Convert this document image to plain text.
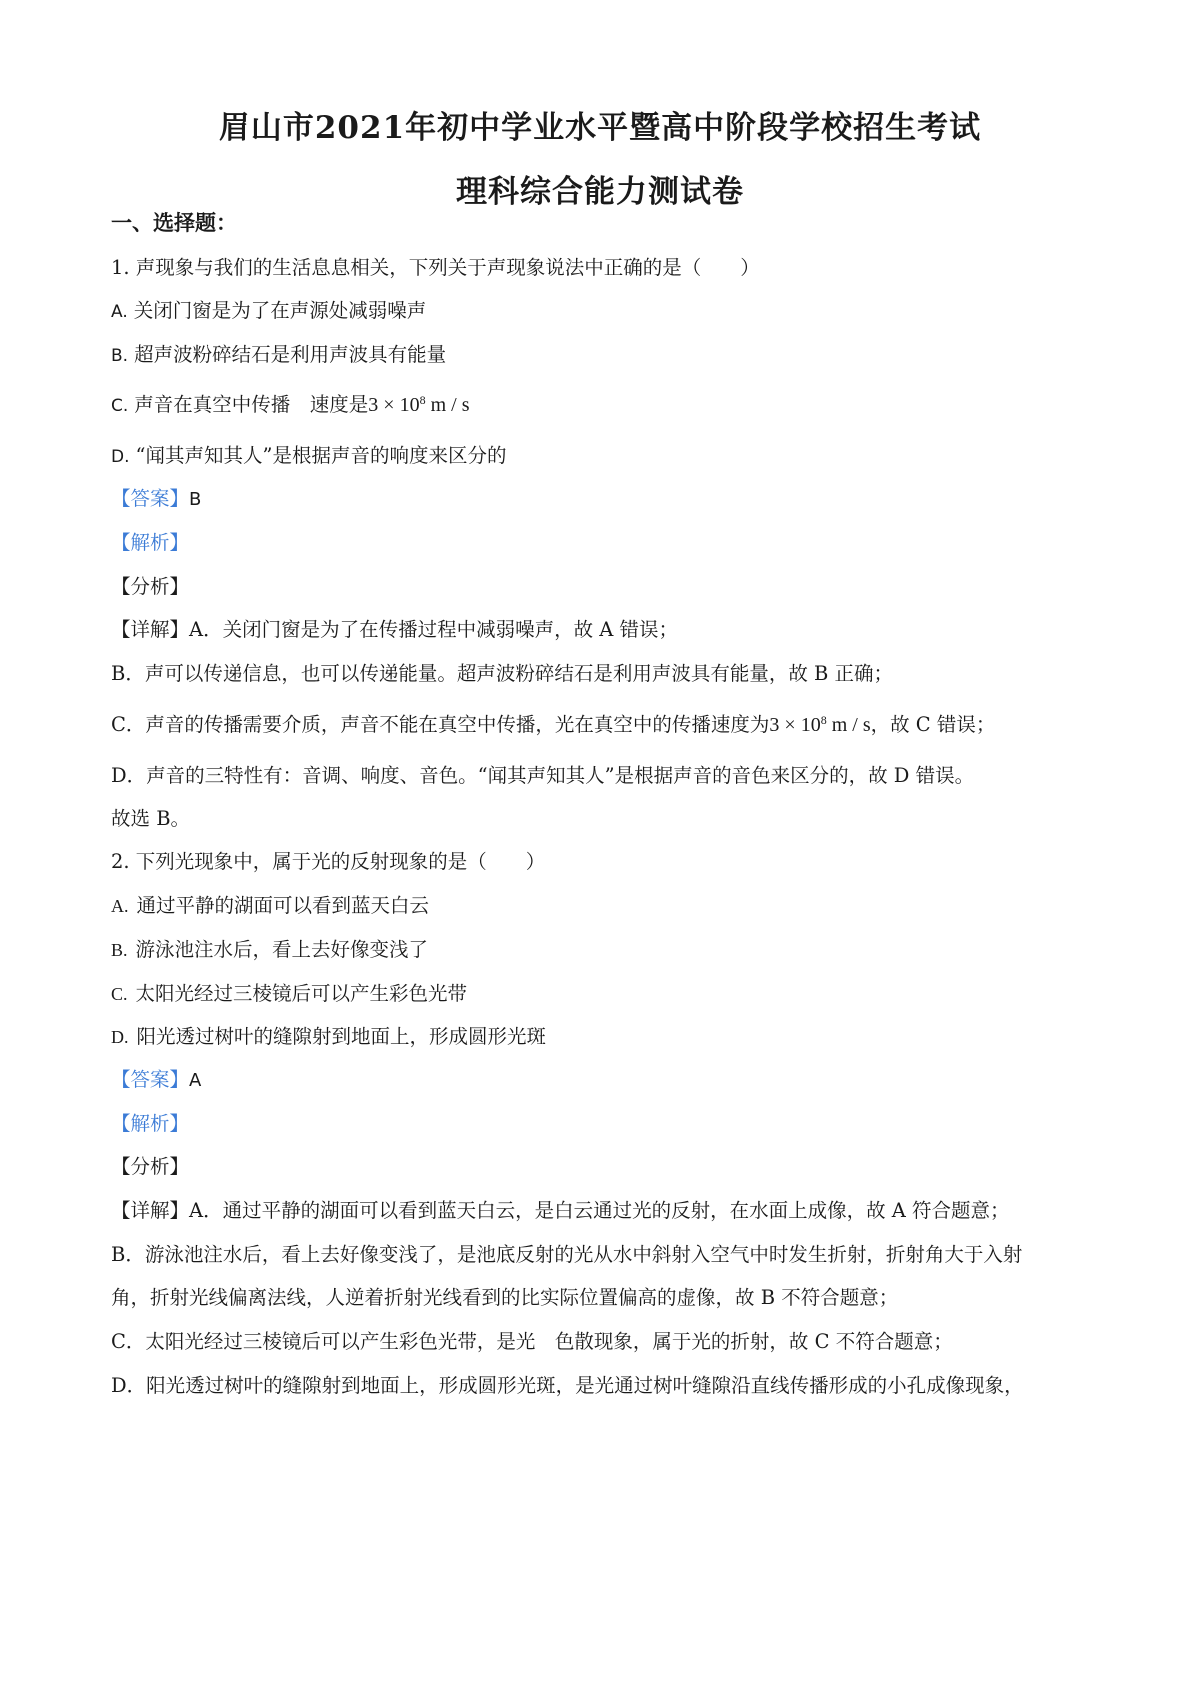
眉山市2021年初中学业水平暨高中阶段学校招生考试
理科综合能力测试卷
一、选择题：
1. 声现象与我们的生活息息相关，下列关于声现象说法中正确的是（　　）
A. 关闭门窗是为了在声源处减弱噪声
B. 超声波粉碎结石是利用声波具有能量
C. 声音在真空中传播　速度是$3 \times 10^8$ m / s
D. “闻其声知其人”是根据声音的响度来区分的
【答案】B
【解析】
【分析】
【详解】A．关闭门窗是为了在传播过程中减弱噪声，故 A 错误；
B．声可以传递信息，也可以传递能量。超声波粉碎结石是利用声波具有能量，故 B 正确；
C．声音的传播需要介质，声音不能在真空中传播，光在真空中的传播速度为$3 \times 10^8$ m / s，故 C 错误；
D．声音的三特性有：音调、响度、音色。“闻其声知其人”是根据声音的音色来区分的，故 D 错误。
故选 B。
2. 下列光现象中，属于光的反射现象的是（　　）
A. 通过平静的湖面可以看到蓝天白云
B. 游泳池注水后，看上去好像变浅了
C. 太阳光经过三棱镜后可以产生彩色光带
D. 阳光透过树叶的缝隙射到地面上，形成圆形光斑
【答案】A
【解析】
【分析】
【详解】A．通过平静的湖面可以看到蓝天白云，是白云通过光的反射，在水面上成像，故 A 符合题意；
B．游泳池注水后，看上去好像变浅了，是池底反射的光从水中斜射入空气中时发生折射，折射角大于入射
角，折射光线偏离法线，人逆着折射光线看到的比实际位置偏高的虚像，故 B 不符合题意；
C．太阳光经过三棱镜后可以产生彩色光带，是光　色散现象，属于光的折射，故 C 不符合题意；
D．阳光透过树叶的缝隙射到地面上，形成圆形光斑，是光通过树叶缝隙沿直线传播形成的小孔成像现象，
